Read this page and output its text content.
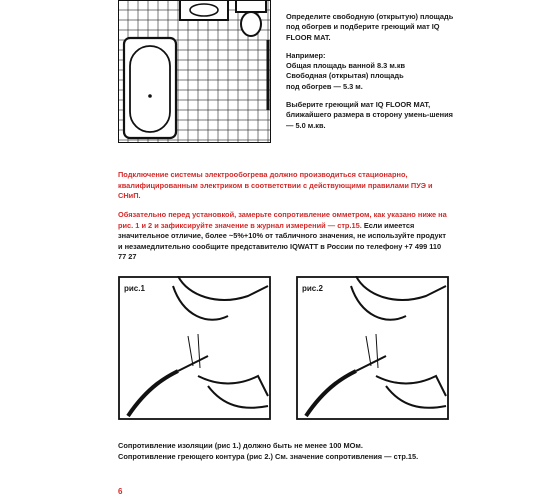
Определите свободную (открытую) площадь под обогрев и подберите греющий мат IQ FLOOR MAT.

Например:
Общая площадь ванной 8.3 м.кв
Свободная (открытая) площадь

под обогрев — 5.3 м.

Выберите греющий мат IQ FLOOR MAT, ближайшего размера в сторону умень-шения — 5.0 м.кв.

Подключение системы электрообогрева должно производиться стационарно, квалифицированным электриком в соответствии с действующими правилами ПУЭ и СНиП.
Обязательно перед установкой, замерьте сопротивление омметром, как указано ниже на рис. 1 и 2 и зафиксируйте значение в журнал измерений — стр.15. Если имеется значительное отличие, более ~5%+10% от табличного значения, не используйте продукт и незамедлительно сообщите представителю IQWATT в России по телефону +7 499 110 77 27
рис.1	рис.2
Сопротивление изоляции (рис 1.) должно быть не менее 100 МОм.
Сопротивление греющего контура (рис 2.) См. значение сопротивления — стр.15.
6
